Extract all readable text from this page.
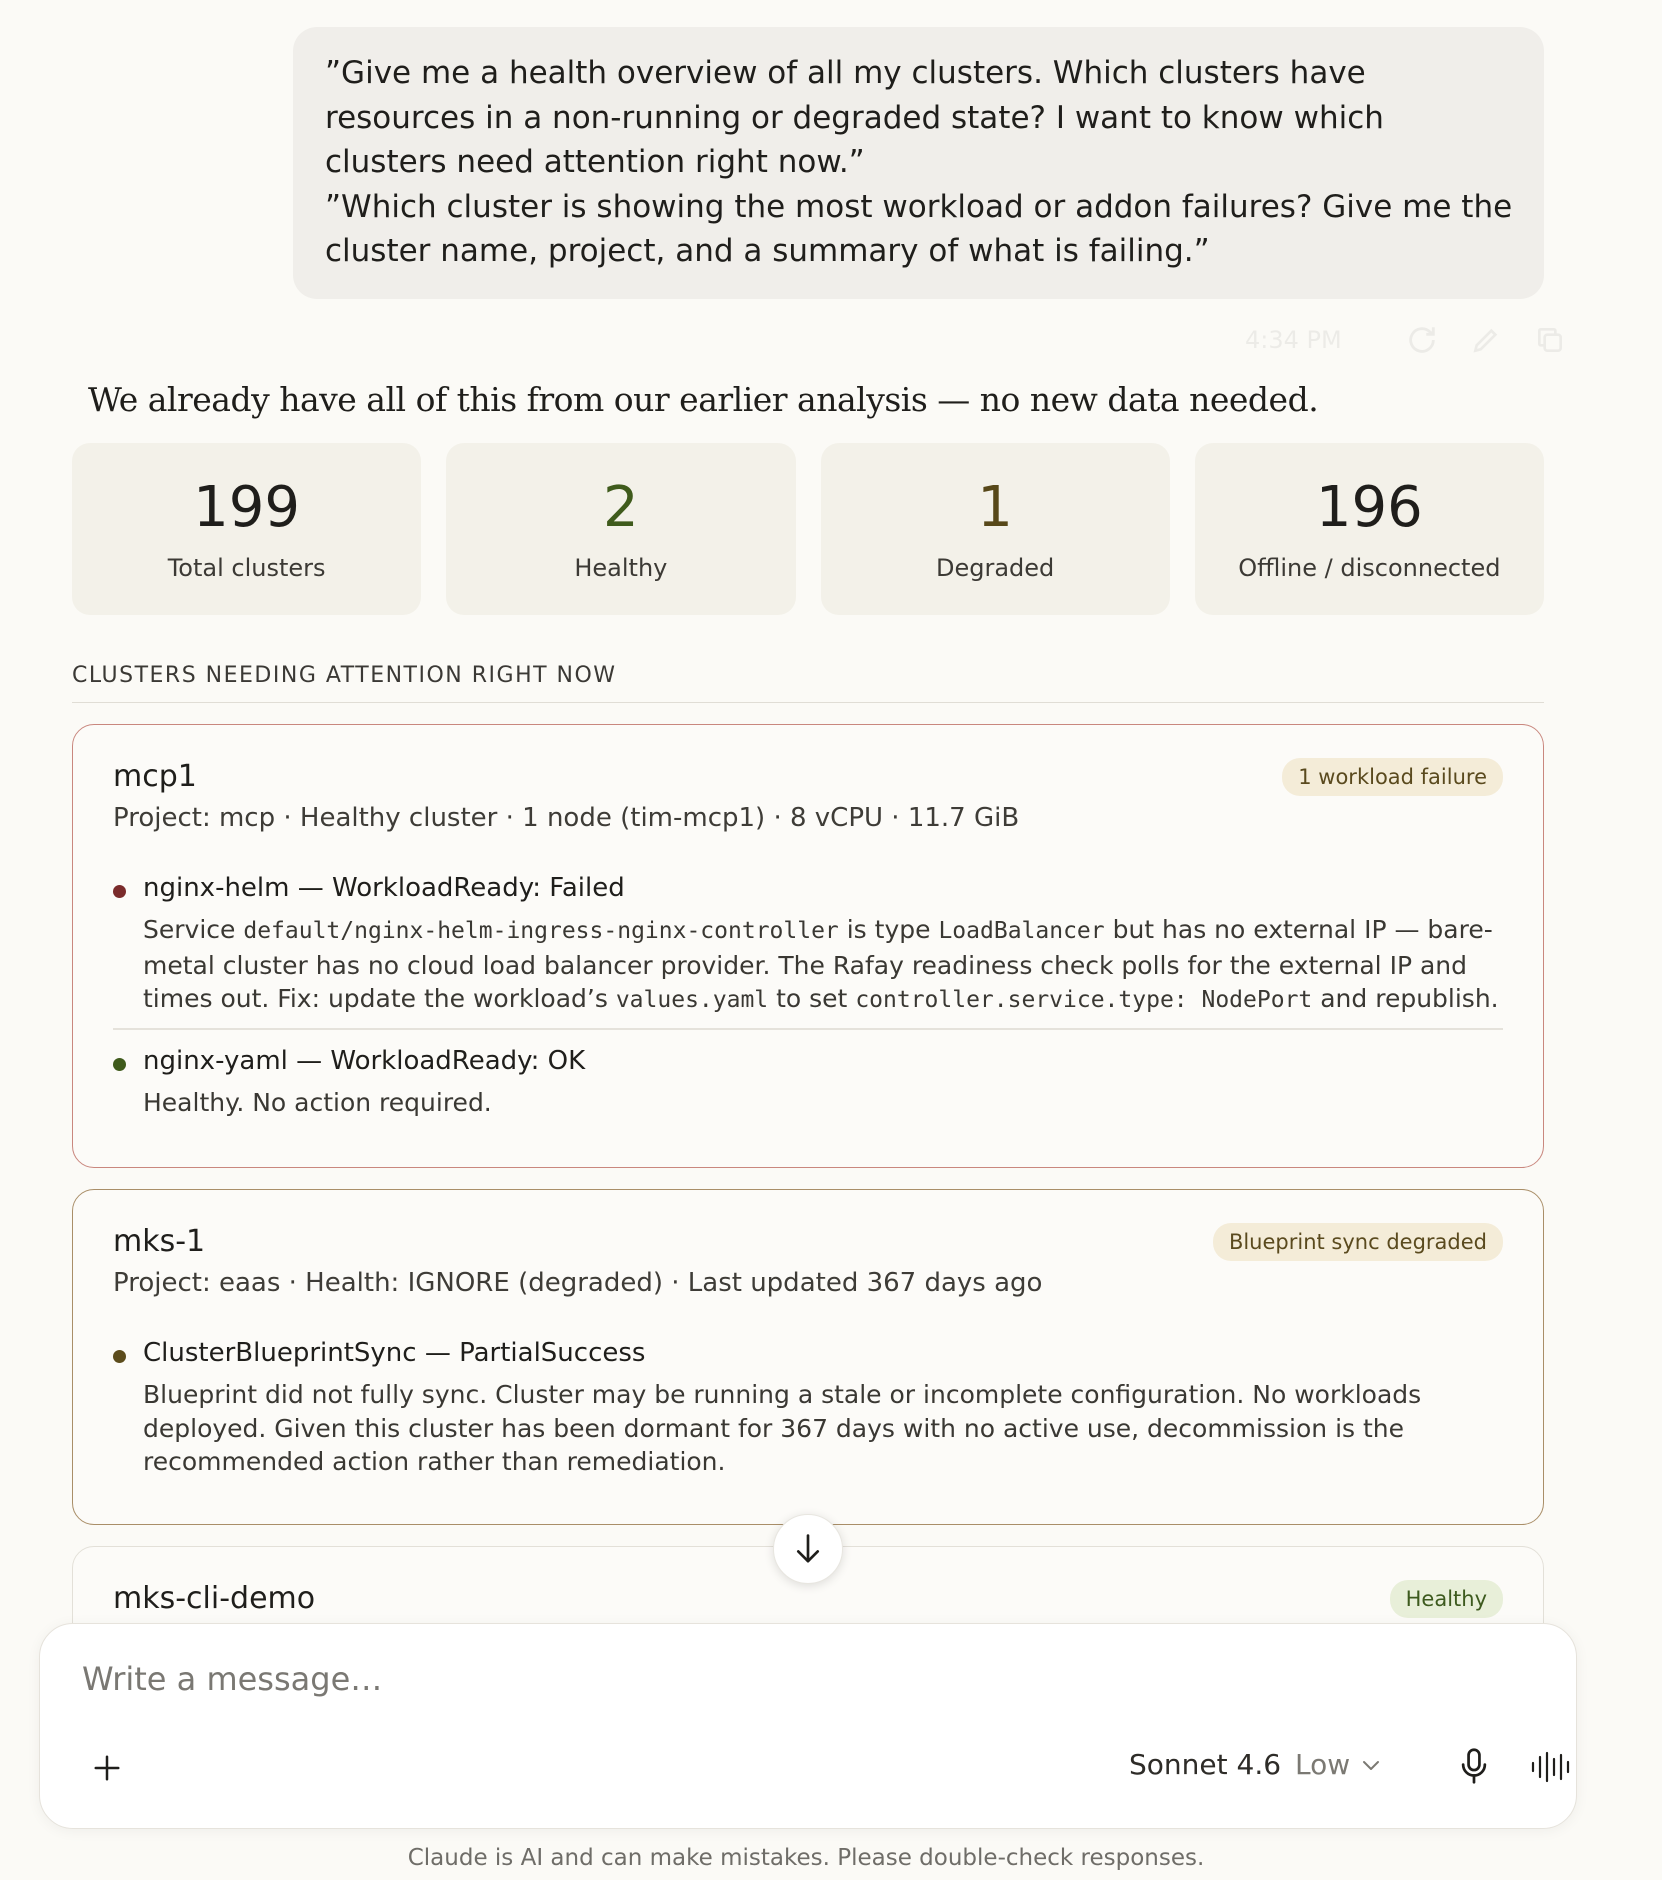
”Give me a health overview of all my clusters. Which clusters have resources in a non-running or degraded state? I want to know which clusters need attention right now.”

”Which cluster is showing the most workload or addon failures? Give me the cluster name, project, and a summary of what is failing.”

4:34 PM
We already have all of this from our earlier analysis — no new data needed.
199
Total clusters
2
Healthy
1
Degraded
196
Offline / disconnected
CLUSTERS NEEDING ATTENTION RIGHT NOW
mcp1	1 workload failure
Project: mcp · Healthy cluster · 1 node (tim-mcp1) · 8 vCPU · 11.7 GiB
nginx-helm — WorkloadReady: Failed
Service default/nginx-helm-ingress-nginx-controller is type LoadBalancer but has no external IP — bare-metal cluster has no cloud load balancer provider. The Rafay readiness check polls for the external IP and times out. Fix: update the workload’s values.yaml to set controller.service.type: NodePort and republish.
nginx-yaml — WorkloadReady: OK
Healthy. No action required.
mks-1	Blueprint sync degraded
Project: eaas · Health: IGNORE (degraded) · Last updated 367 days ago
ClusterBlueprintSync — PartialSuccess
Blueprint did not fully sync. Cluster may be running a stale or incomplete configuration. No workloads deployed. Given this cluster has been dormant for 367 days with no active use, decommission is the recommended action rather than remediation.
mks-cli-demo	Healthy
Write a message…
Sonnet 4.6 Low
Claude is AI and can make mistakes. Please double-check responses.
